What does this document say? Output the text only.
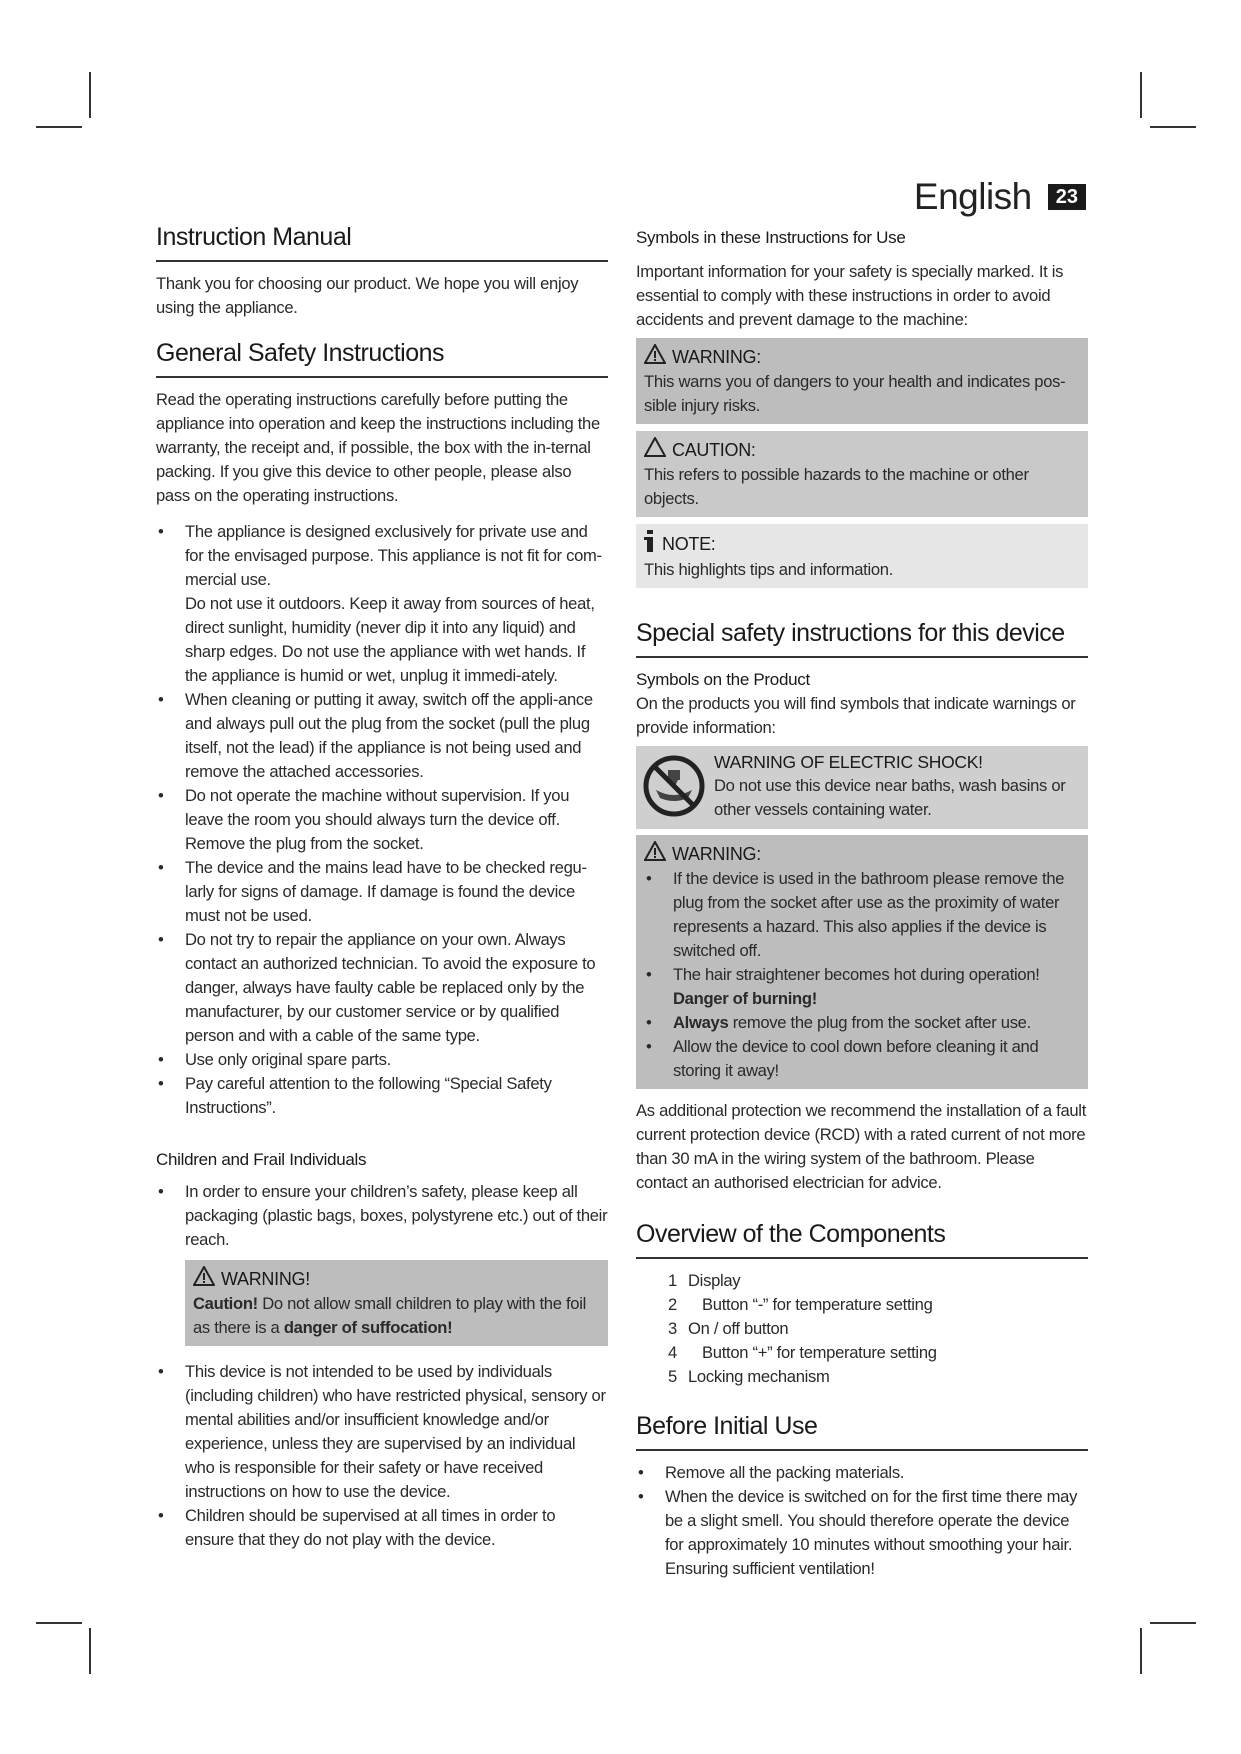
English	23
Instruction Manual

Thank you for choosing our product. We hope you will enjoy using the appliance.

General Safety Instructions

Read the operating instructions carefully before putting the appliance into operation and keep the instructions including the warranty, the receipt and, if possible, the box with the in-ternal packing. If you give this device to other people, please also pass on the operating instructions.

• The appliance is designed exclusively for private use and for the envisaged purpose. This appliance is not fit for com-mercial use.
Do not use it outdoors. Keep it away from sources of heat, direct sunlight, humidity (never dip it into any liquid) and sharp edges. Do not use the appliance with wet hands. If the appliance is humid or wet, unplug it immedi-ately.
• When cleaning or putting it away, switch off the appli-ance and always pull out the plug from the socket (pull the plug itself, not the lead) if the appliance is not being used and remove the attached accessories.
• Do not operate the machine without supervision. If you leave the room you should always turn the device off. Remove the plug from the socket.
• The device and the mains lead have to be checked regu-larly for signs of damage. If damage is found the device must not be used.
• Do not try to repair the appliance on your own. Always contact an authorized technician. To avoid the exposure to danger, always have faulty cable be replaced only by the manufacturer, by our customer service or by qualified person and with a cable of the same type.
• Use only original spare parts.
• Pay careful attention to the following “Special Safety Instructions”.
Children and Frail Individuals
• In order to ensure your children’s safety, please keep all packaging (plastic bags, boxes, polystyrene etc.) out of their reach.
WARNING!
Caution! Do not allow small children to play with the foil as there is a danger of suffocation!
• This device is not intended to be used by individuals (including children) who have restricted physical, sensory or mental abilities and/or insufficient knowledge and/or experience, unless they are supervised by an individual who is responsible for their safety or have received instructions on how to use the device.
• Children should be supervised at all times in order to ensure that they do not play with the device.
Symbols in these Instructions for Use

Important information for your safety is specially marked. It is essential to comply with these instructions in order to avoid accidents and prevent damage to the machine:

WARNING:
This warns you of dangers to your health and indicates pos-sible injury risks.
CAUTION:
This refers to possible hazards to the machine or other objects.
NOTE:
This highlights tips and information.
Special safety instructions for this device
Symbols on the Product

On the products you will find symbols that indicate warnings or provide information:

WARNING OF ELECTRIC SHOCK!
Do not use this device near baths, wash basins or other vessels containing water.
WARNING:
• If the device is used in the bathroom please remove the plug from the socket after use as the proximity of water represents a hazard. This also applies if the device is switched off.
• The hair straightener becomes hot during operation!
Danger of burning!
• Always remove the plug from the socket after use.
• Allow the device to cool down before cleaning it and storing it away!

As additional protection we recommend the installation of a fault current protection device (RCD) with a rated current of not more than 30 mA in the wiring system of the bathroom. Please contact an authorised electrician for advice.

Overview of the Components
1 Display
2 Button “-” for temperature setting
3 On / off button
4 Button “+” for temperature setting
5 Locking mechanism
Before Initial Use
• Remove all the packing materials.
• When the device is switched on for the first time there may be a slight smell. You should therefore operate the device for approximately 10 minutes without smoothing your hair. Ensuring sufficient ventilation!
